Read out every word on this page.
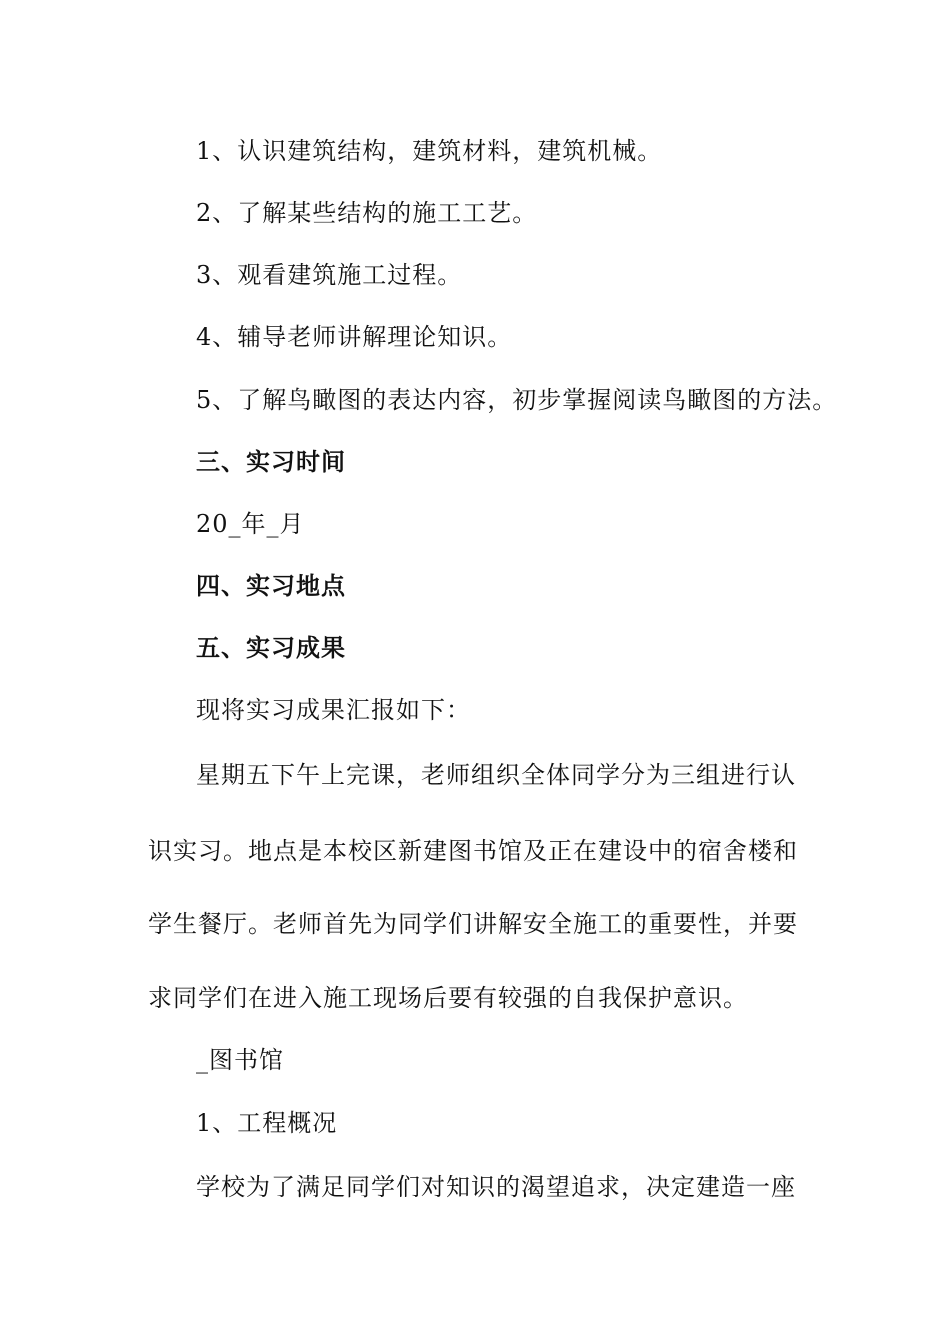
1、认识建筑结构，建筑材料，建筑机械。
2、了解某些结构的施工工艺。
3、观看建筑施工过程。
4、辅导老师讲解理论知识。
5、了解鸟瞰图的表达内容，初步掌握阅读鸟瞰图的方法。
三、实习时间
20_年_月
四、实习地点
五、实习成果
现将实习成果汇报如下：
星期五下午上完课，老师组织全体同学分为三组进行认
识实习。地点是本校区新建图书馆及正在建设中的宿舍楼和
学生餐厅。老师首先为同学们讲解安全施工的重要性，并要
求同学们在进入施工现场后要有较强的自我保护意识。
_图书馆
1、工程概况
学校为了满足同学们对知识的渴望追求，决定建造一座
